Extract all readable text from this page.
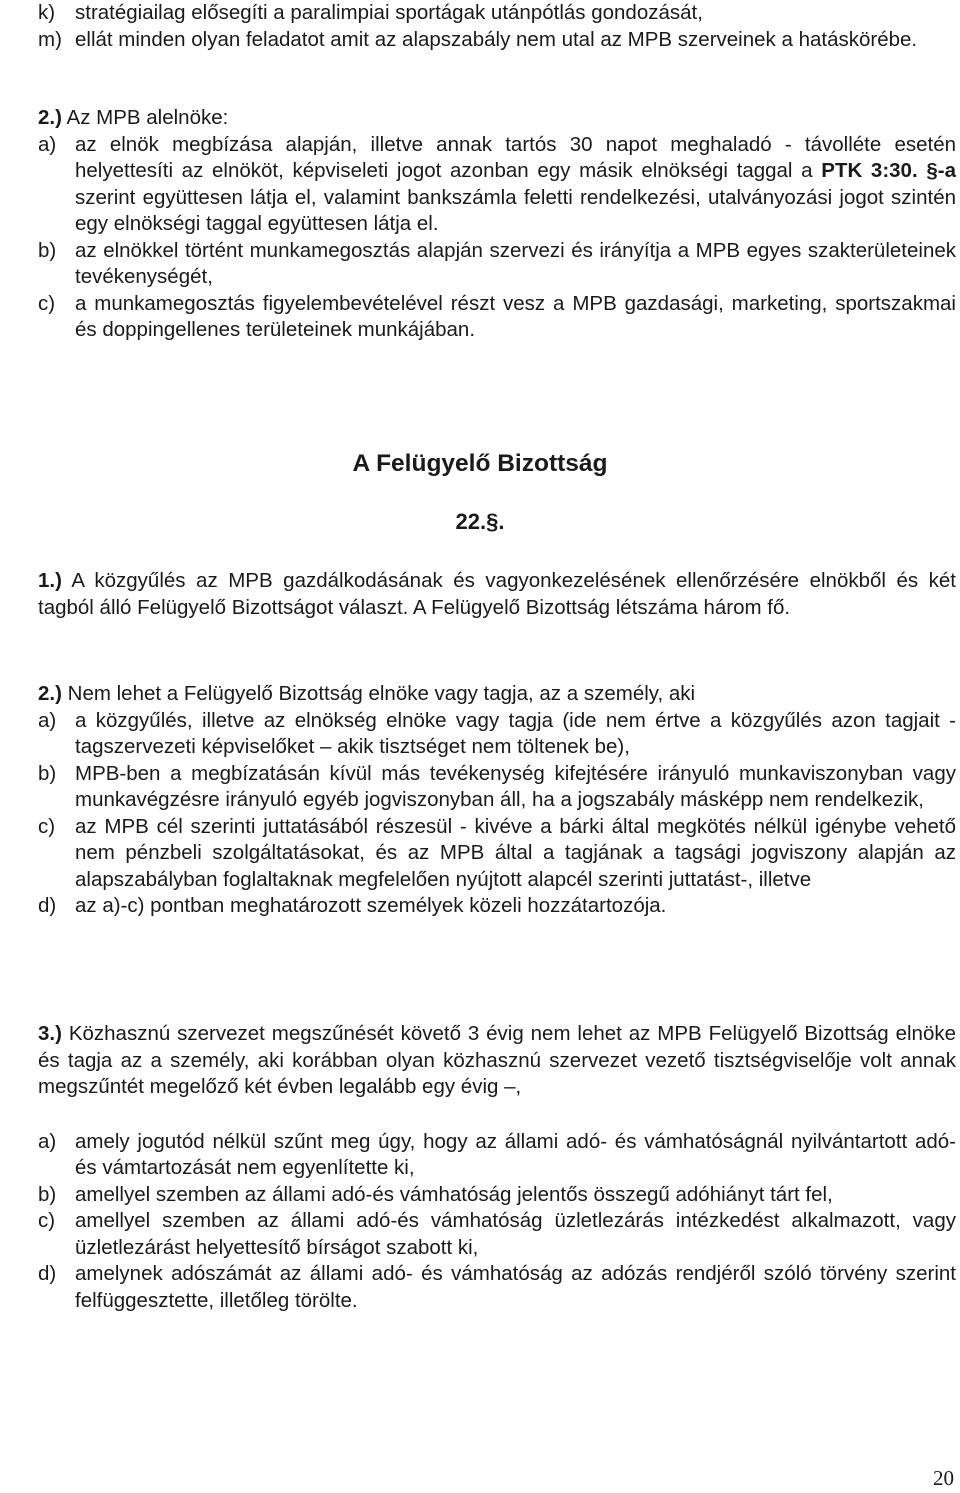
k) stratégiailag elősegíti a paralimpiai sportágak utánpótlás gondozását,
m) ellát minden olyan feladatot amit az alapszabály nem utal az MPB szerveinek a hatáskörébe.

2.) Az MPB alelnöke:

a) az elnök megbízása alapján, illetve annak tartós 30 napot meghaladó - távolléte esetén helyettesíti az elnököt, képviseleti jogot azonban egy másik elnökségi taggal a PTK 3:30. §-a szerint együttesen látja el, valamint bankszámla feletti rendelkezési, utalványozási jogot szintén egy elnökségi taggal együttesen látja el.
b) az elnökkel történt munkamegosztás alapján szervezi és irányítja a MPB egyes szakterületeinek tevékenységét,
c) a munkamegosztás figyelembevételével részt vesz a MPB gazdasági, marketing, sportszakmai és doppingellenes területeinek munkájában.
A Felügyelő Bizottság
22.§.
1.) A közgyűlés az MPB gazdálkodásának és vagyonkezelésének ellenőrzésére elnökből és két tagból álló Felügyelő Bizottságot választ. A Felügyelő Bizottság létszáma három fő.

2.) Nem lehet a Felügyelő Bizottság elnöke vagy tagja, az a személy, aki

a) a közgyűlés, illetve az elnökség elnöke vagy tagja (ide nem értve a közgyűlés azon tagjait - tagszervezeti képviselőket – akik tisztséget nem töltenek be),
b) MPB-ben a megbízatásán kívül más tevékenység kifejtésére irányuló munkaviszonyban vagy munkavégzésre irányuló egyéb jogviszonyban áll, ha a jogszabály másképp nem rendelkezik,
c) az MPB cél szerinti juttatásából részesül - kivéve a bárki által megkötés nélkül igénybe vehető nem pénzbeli szolgáltatásokat, és az MPB által a tagjának a tagsági jogviszony alapján az alapszabályban foglaltaknak megfelelően nyújtott alapcél szerinti juttatást-, illetve
d) az a)-c) pontban meghatározott személyek közeli hozzátartozója.

3.) Közhasznú szervezet megszűnését követő 3 évig nem lehet az MPB Felügyelő Bizottság elnöke és tagja az a személy, aki korábban olyan közhasznú szervezet vezető tisztségviselője volt annak megszűntét megelőző két évben legalább egy évig –,

a) amely jogutód nélkül szűnt meg úgy, hogy az állami adó- és vámhatóságnál nyilvántartott adó- és vámtartozását nem egyenlítette ki,
b) amellyel szemben az állami adó-és vámhatóság jelentős összegű adóhiányt tárt fel,
c) amellyel szemben az állami adó-és vámhatóság üzletlezárás intézkedést alkalmazott, vagy üzletlezárást helyettesítő bírságot szabott ki,
d) amelynek adószámát az állami adó- és vámhatóság az adózás rendjéről szóló törvény szerint felfüggesztette, illetőleg törölte.
20
